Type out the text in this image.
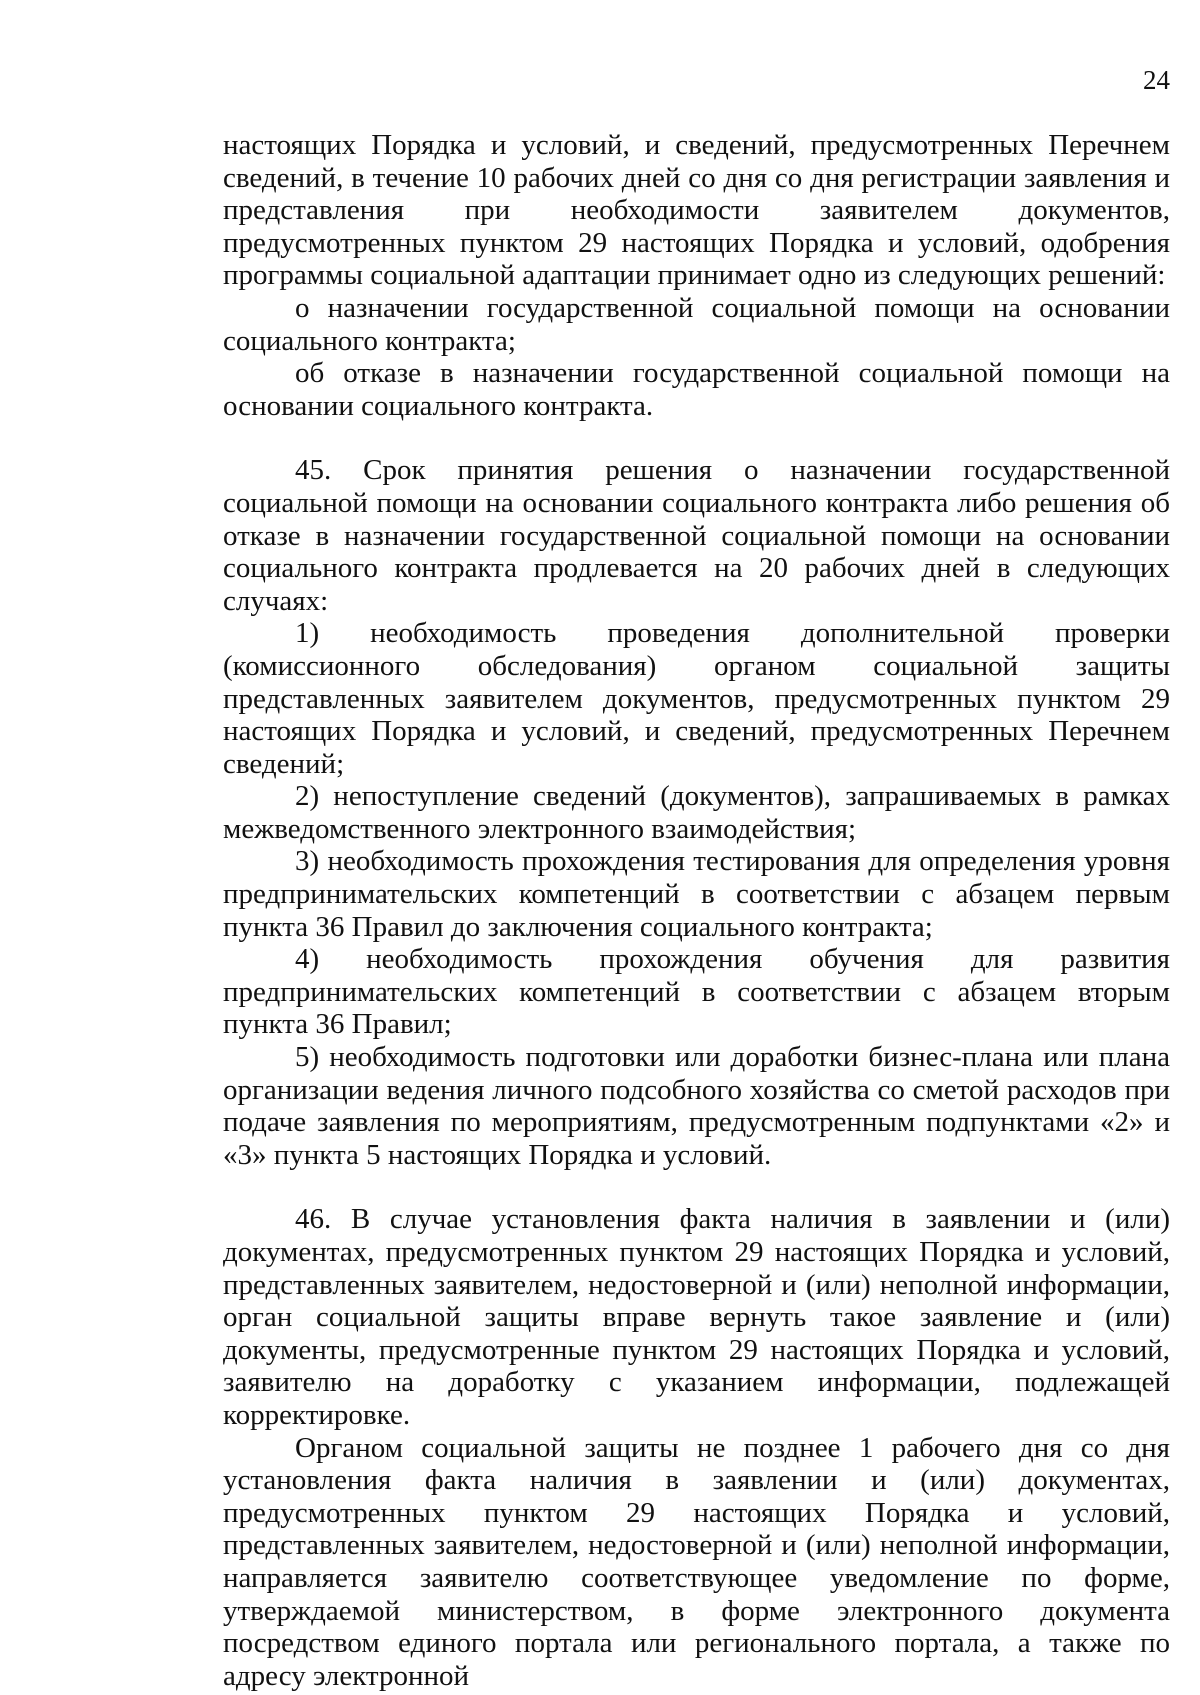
24

настоящих Порядка и условий, и сведений, предусмотренных Перечнем сведений, в течение 10 рабочих дней со дня со дня регистрации заявления и представления при необходимости заявителем документов, предусмотренных пунктом 29 настоящих Порядка и условий, одобрения программы социальной адаптации принимает одно из следующих решений:

о назначении государственной социальной помощи на основании социального контракта;

об отказе в назначении государственной социальной помощи на основании социального контракта.

45. Срок принятия решения о назначении государственной социальной помощи на основании социального контракта либо решения об отказе в назначении государственной социальной помощи на основании социального контракта продлевается на 20 рабочих дней в следующих случаях:

1) необходимость проведения дополнительной проверки (комиссионного обследования) органом социальной защиты представленных заявителем документов, предусмотренных пунктом 29 настоящих Порядка и условий, и сведений, предусмотренных Перечнем сведений;

2) непоступление сведений (документов), запрашиваемых в рамках межведомственного электронного взаимодействия;

3) необходимость прохождения тестирования для определения уровня предпринимательских компетенций в соответствии с абзацем первым пункта 36 Правил до заключения социального контракта;

4) необходимость прохождения обучения для развития предпринимательских компетенций в соответствии с абзацем вторым пункта 36 Правил;

5) необходимость подготовки или доработки бизнес-плана или плана организации ведения личного подсобного хозяйства со сметой расходов при подаче заявления по мероприятиям, предусмотренным подпунктами «2» и «3» пункта 5 настоящих Порядка и условий.

46. В случае установления факта наличия в заявлении и (или) документах, предусмотренных пунктом 29 настоящих Порядка и условий, представленных заявителем, недостоверной и (или) неполной информации, орган социальной защиты вправе вернуть такое заявление и (или) документы, предусмотренные пунктом 29 настоящих Порядка и условий, заявителю на доработку с указанием информации, подлежащей корректировке.

Органом социальной защиты не позднее 1 рабочего дня со дня установления факта наличия в заявлении и (или) документах, предусмотренных пунктом 29 настоящих Порядка и условий, представленных заявителем, недостоверной и (или) неполной информации, направляется заявителю соответствующее уведомление по форме, утверждаемой министерством, в форме электронного документа посредством единого портала или регионального портала, а также по адресу электронной
